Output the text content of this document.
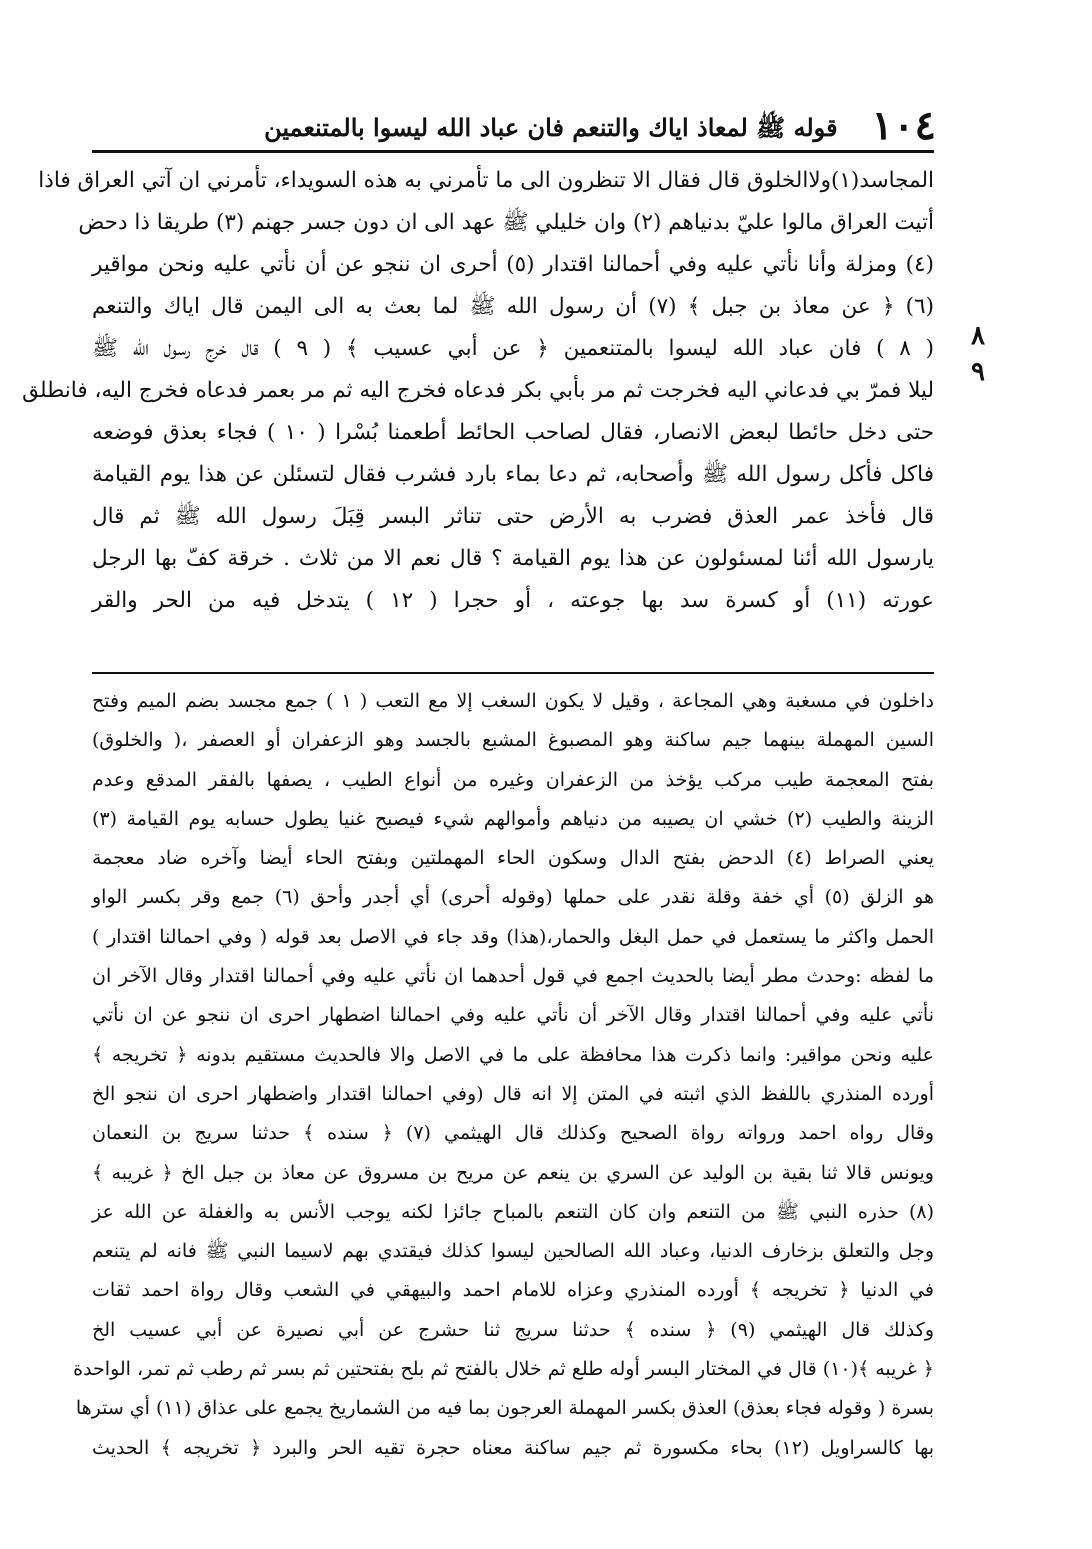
١٠٤
قوله ﷺ لمعاذ اياك والتنعم فان عباد الله ليسوا بالمتنعمين
المجاسد(١)ولاالخلوق قال فقال الا تنظرون الى ما تأمرني به هذه السويداء، تأمرني ان آتي العراق فاذا
أتيت العراق مالوا عليّ بدنياهم (٢) وان خليلي ﷺ عهد الى ان دون جسر جهنم (٣) طريقا ذا دحض
(٤) ومزلة وأنا نأتي عليه وفي أحمالنا اقتدار (٥) أحرى ان ننجو عن أن نأتي عليه ونحن مواقير
(٦) ﴿ عن معاذ بن جبل ﴾ (٧) أن رسول الله ﷺ لما بعث به الى اليمن قال اياك والتنعم
( ٨ ) فان عباد الله ليسوا بالمتنعمين ﴿ عن أبي عسيب ﴾ ( ٩ ) قال خرج رسول الله ﷺ
ليلا فمرّ بي فدعاني اليه فخرجت ثم مر بأبي بكر فدعاه فخرج اليه ثم مر بعمر فدعاه فخرج اليه، فانطلق
حتى دخل حائطا لبعض الانصار، فقال لصاحب الحائط أطعمنا بُسْرا ( ١٠ ) فجاء بعذق فوضعه
فاكل فأكل رسول الله ﷺ وأصحابه، ثم دعا بماء بارد فشرب فقال لتسئلن عن هذا يوم القيامة
قال فأخذ عمر العذق فضرب به الأرض حتى تناثر البسر قِبَلَ رسول الله ﷺ ثم قال
يارسول الله أئنا لمسئولون عن هذا يوم القيامة ؟ قال نعم الا من ثلاث . خرقة كفّ بها الرجل
عورته (١١) أو كسرة سد بها جوعته ، أو حجرا ( ١٢ ) يتدخل فيه من الحر والقر
٨
٩
داخلون في مسغبة وهي المجاعة ، وقيل لا يكون السغب إلا مع التعب ( ١ ) جمع مجسد بضم الميم وفتح
السين المهملة بينهما جيم ساكنة وهو المصبوغ المشبع بالجسد وهو الزعفران أو العصفر ،( والخلوق)
بفتح المعجمة طيب مركب يؤخذ من الزعفران وغيره من أنواع الطيب ، يصفها بالفقر المدقع وعدم
الزينة والطيب (٢) خشي ان يصيبه من دنياهم وأموالهم شيء فيصبح غنيا يطول حسابه يوم القيامة (٣)
يعني الصراط (٤) الدحض بفتح الدال وسكون الحاء المهملتين وبفتح الحاء أيضا وآخره ضاد معجمة
هو الزلق (٥) أي خفة وقلة نقدر على حملها (وقوله أحرى) أي أجدر وأحق (٦) جمع وقر بكسر الواو
الحمل واكثر ما يستعمل في حمل البغل والحمار،(هذا) وقد جاء في الاصل بعد قوله ( وفي احمالنا اقتدار )
ما لفظه :وحدث مطر أيضا بالحديث اجمع في قول أحدهما ان نأتي عليه وفي أحمالنا اقتدار وقال الآخر ان
نأتي عليه وفي أحمالنا اقتدار وقال الآخر أن نأتي عليه وفي احمالنا اضطهار احرى ان ننجو عن ان نأتي
عليه ونحن مواقير: وانما ذكرت هذا محافظة على ما في الاصل والا فالحديث مستقيم بدونه ﴿ تخريجه ﴾
أورده المنذري باللفظ الذي اثبته في المتن إلا انه قال (وفي احمالنا اقتدار واضطهار احرى ان ننجو الخ
وقال رواه احمد ورواته رواة الصحيح وكذلك قال الهيثمي (٧) ﴿ سنده ﴾ حدثنا سريج بن النعمان
ويونس قالا ثنا بقية بن الوليد عن السري بن ينعم عن مريح بن مسروق عن معاذ بن جبل الخ ﴿ غريبه ﴾
(٨) حذره النبي ﷺ من التنعم وان كان التنعم بالمباح جائزا لكنه يوجب الأنس به والغفلة عن الله عز
وجل والتعلق بزخارف الدنيا، وعباد الله الصالحين ليسوا كذلك فيقتدي بهم لاسيما النبي ﷺ فانه لم يتنعم
في الدنيا ﴿ تخريجه ﴾ أورده المنذري وعزاه للامام احمد والبيهقي في الشعب وقال رواة احمد ثقات
وكذلك قال الهيثمي (٩) ﴿ سنده ﴾ حدثنا سريج ثنا حشرج عن أبي نصيرة عن أبي عسيب الخ
﴿ غريبه ﴾(١٠) قال في المختار البسر أوله طلع ثم خلال بالفتح ثم بلح بفتحتين ثم بسر ثم رطب ثم تمر، الواحدة
بسرة ( وقوله فجاء بعذق) العذق بكسر المهملة العرجون بما فيه من الشماريخ يجمع على عذاق (١١) أي سترها
بها كالسراويل (١٢) بحاء مكسورة ثم جيم ساكنة معناه حجرة تقيه الحر والبرد ﴿ تخريجه ﴾ الحديث
